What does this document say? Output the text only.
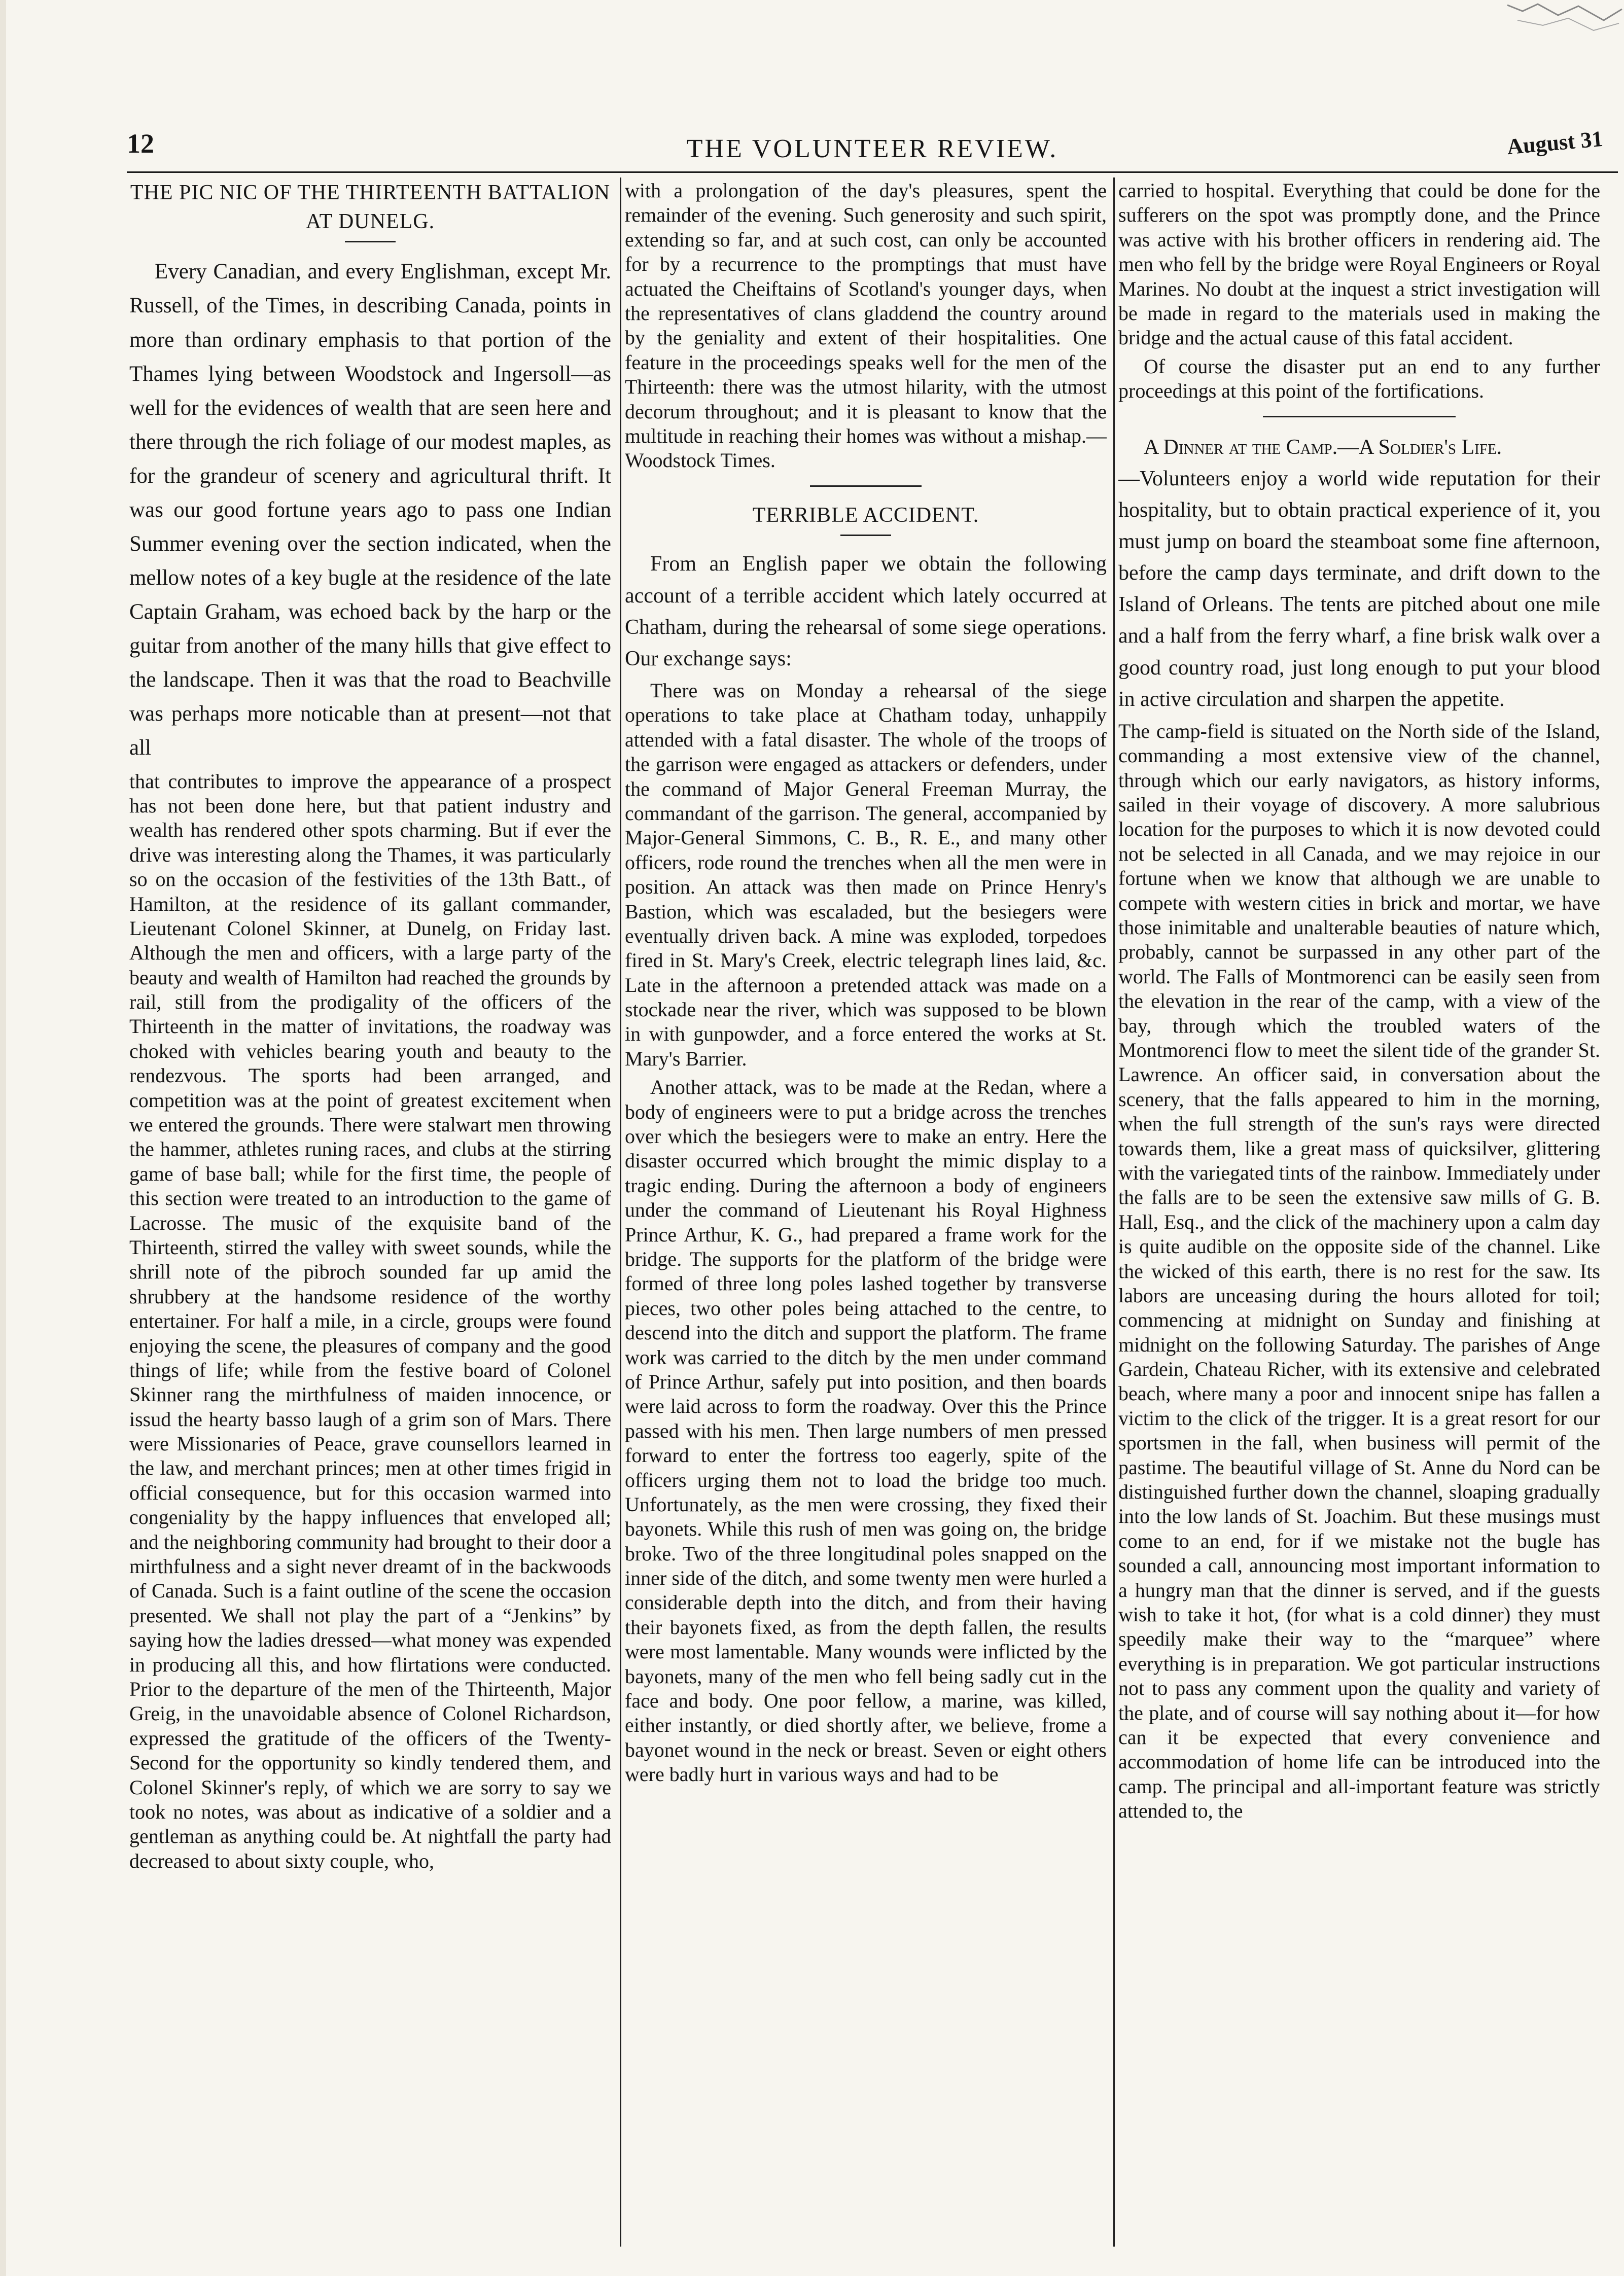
12	THE VOLUNTEER REVIEW.	August 31
THE PIC NIC OF THE THIRTEENTH BATTALION AT DUNELG.

Every Canadian, and every Englishman, except Mr. Russell, of the Times, in describing Canada, points in more than ordinary emphasis to that portion of the Thames lying between Woodstock and Ingersoll—as well for the evidences of wealth that are seen here and there through the rich foliage of our modest maples, as for the grandeur of scenery and agricultural thrift. It was our good fortune years ago to pass one Indian Summer evening over the section indicated, when the mellow notes of a key bugle at the residence of the late Captain Graham, was echoed back by the harp or the guitar from another of the many hills that give effect to the landscape. Then it was that the road to Beachville was perhaps more noticable than at present—not that all

that contributes to improve the appearance of a prospect has not been done here, but that patient industry and wealth has rendered other spots charming. But if ever the drive was interesting along the Thames, it was particularly so on the occasion of the festivities of the 13th Batt., of Hamilton, at the residence of its gallant commander, Lieutenant Colonel Skinner, at Dunelg, on Friday last. Although the men and officers, with a large party of the beauty and wealth of Hamilton had reached the grounds by rail, still from the prodigality of the officers of the Thirteenth in the matter of invitations, the roadway was choked with vehicles bearing youth and beauty to the rendezvous. The sports had been arranged, and competition was at the point of greatest excitement when we entered the grounds. There were stalwart men throwing the hammer, athletes runing races, and clubs at the stirring game of base ball; while for the first time, the people of this section were treated to an introduction to the game of Lacrosse. The music of the exquisite band of the Thirteenth, stirred the valley with sweet sounds, while the shrill note of the pibroch sounded far up amid the shrubbery at the handsome residence of the worthy entertainer. For half a mile, in a circle, groups were found enjoying the scene, the pleasures of company and the good things of life; while from the festive board of Colonel Skinner rang the mirthfulness of maiden innocence, or issud the hearty basso laugh of a grim son of Mars. There were Missionaries of Peace, grave counsellors learned in the law, and merchant princes; men at other times frigid in official consequence, but for this occasion warmed into congeniality by the happy influences that enveloped all; and the neighboring community had brought to their door a mirthfulness and a sight never dreamt of in the backwoods of Canada. Such is a faint outline of the scene the occasion presented. We shall not play the part of a “Jenkins” by saying how the ladies dressed—what money was expended in producing all this, and how flirtations were conducted. Prior to the departure of the men of the Thirteenth, Major Greig, in the unavoidable absence of Colonel Richardson, expressed the gratitude of the officers of the Twenty-Second for the opportunity so kindly tendered them, and Colonel Skinner's reply, of which we are sorry to say we took no notes, was about as indicative of a soldier and a gentleman as anything could be. At nightfall the party had decreased to about sixty couple, who,

with a prolongation of the day's pleasures, spent the remainder of the evening. Such generosity and such spirit, extending so far, and at such cost, can only be accounted for by a recurrence to the promptings that must have actuated the Cheiftains of Scotland's younger days, when the representatives of clans gladdend the country around by the geniality and extent of their hospitalities. One feature in the proceedings speaks well for the men of the Thirteenth: there was the utmost hilarity, with the utmost decorum throughout; and it is pleasant to know that the multitude in reaching their homes was without a mishap.—Woodstock Times.

TERRIBLE ACCIDENT.

From an English paper we obtain the following account of a terrible accident which lately occurred at Chatham, during the rehearsal of some siege operations. Our exchange says:

There was on Monday a rehearsal of the siege operations to take place at Chatham today, unhappily attended with a fatal disaster. The whole of the troops of the garrison were engaged as attackers or defenders, under the command of Major General Freeman Murray, the commandant of the garrison. The general, accompanied by Major-General Simmons, C. B., R. E., and many other officers, rode round the trenches when all the men were in position. An attack was then made on Prince Henry's Bastion, which was escaladed, but the besiegers were eventually driven back. A mine was exploded, torpedoes fired in St. Mary's Creek, electric telegraph lines laid, &c. Late in the afternoon a pretended attack was made on a stockade near the river, which was supposed to be blown in with gunpowder, and a force entered the works at St. Mary's Barrier.

Another attack, was to be made at the Redan, where a body of engineers were to put a bridge across the trenches over which the besiegers were to make an entry. Here the disaster occurred which brought the mimic display to a tragic ending. During the afternoon a body of engineers under the command of Lieutenant his Royal Highness Prince Arthur, K. G., had prepared a frame work for the bridge. The supports for the platform of the bridge were formed of three long poles lashed together by transverse pieces, two other poles being attached to the centre, to descend into the ditch and support the platform. The frame work was carried to the ditch by the men under command of Prince Arthur, safely put into position, and then boards were laid across to form the roadway. Over this the Prince passed with his men. Then large numbers of men pressed forward to enter the fortress too eagerly, spite of the officers urging them not to load the bridge too much. Unfortunately, as the men were crossing, they fixed their bayonets. While this rush of men was going on, the bridge broke. Two of the three longitudinal poles snapped on the inner side of the ditch, and some twenty men were hurled a considerable depth into the ditch, and from their having their bayonets fixed, as from the depth fallen, the results were most lamentable. Many wounds were inflicted by the bayonets, many of the men who fell being sadly cut in the face and body. One poor fellow, a marine, was killed, either instantly, or died shortly after, we believe, frome a bayonet wound in the neck or breast. Seven or eight others were badly hurt in various ways and had to be

carried to hospital. Everything that could be done for the sufferers on the spot was promptly done, and the Prince was active with his brother officers in rendering aid. The men who fell by the bridge were Royal Engineers or Royal Marines. No doubt at the inquest a strict investigation will be made in regard to the materials used in making the bridge and the actual cause of this fatal accident.

Of course the disaster put an end to any further proceedings at this point of the fortifications.

A Dinner at the Camp.—A Soldier's Life.

—Volunteers enjoy a world wide reputation for their hospitality, but to obtain practical experience of it, you must jump on board the steamboat some fine afternoon, before the camp days terminate, and drift down to the Island of Orleans. The tents are pitched about one mile and a half from the ferry wharf, a fine brisk walk over a good country road, just long enough to put your blood in active circulation and sharpen the appetite.

The camp-field is situated on the North side of the Island, commanding a most extensive view of the channel, through which our early navigators, as history informs, sailed in their voyage of discovery. A more salubrious location for the purposes to which it is now devoted could not be selected in all Canada, and we may rejoice in our fortune when we know that although we are unable to compete with western cities in brick and mortar, we have those inimitable and unalterable beauties of nature which, probably, cannot be surpassed in any other part of the world. The Falls of Montmorenci can be easily seen from the elevation in the rear of the camp, with a view of the bay, through which the troubled waters of the Montmorenci flow to meet the silent tide of the grander St. Lawrence. An officer said, in conversation about the scenery, that the falls appeared to him in the morning, when the full strength of the sun's rays were directed towards them, like a great mass of quicksilver, glittering with the variegated tints of the rainbow. Immediately under the falls are to be seen the extensive saw mills of G. B. Hall, Esq., and the click of the machinery upon a calm day is quite audible on the opposite side of the channel. Like the wicked of this earth, there is no rest for the saw. Its labors are unceasing during the hours alloted for toil; commencing at midnight on Sunday and finishing at midnight on the following Saturday. The parishes of Ange Gardein, Chateau Richer, with its extensive and celebrated beach, where many a poor and innocent snipe has fallen a victim to the click of the trigger. It is a great resort for our sportsmen in the fall, when business will permit of the pastime. The beautiful village of St. Anne du Nord can be distinguished further down the channel, sloaping gradually into the low lands of St. Joachim. But these musings must come to an end, for if we mistake not the bugle has sounded a call, announcing most important information to a hungry man that the dinner is served, and if the guests wish to take it hot, (for what is a cold dinner) they must speedily make their way to the “marquee” where everything is in preparation. We got particular instructions not to pass any comment upon the quality and variety of the plate, and of course will say nothing about it—for how can it be expected that every convenience and accommodation of home life can be introduced into the camp. The principal and all-important feature was strictly attended to, the
